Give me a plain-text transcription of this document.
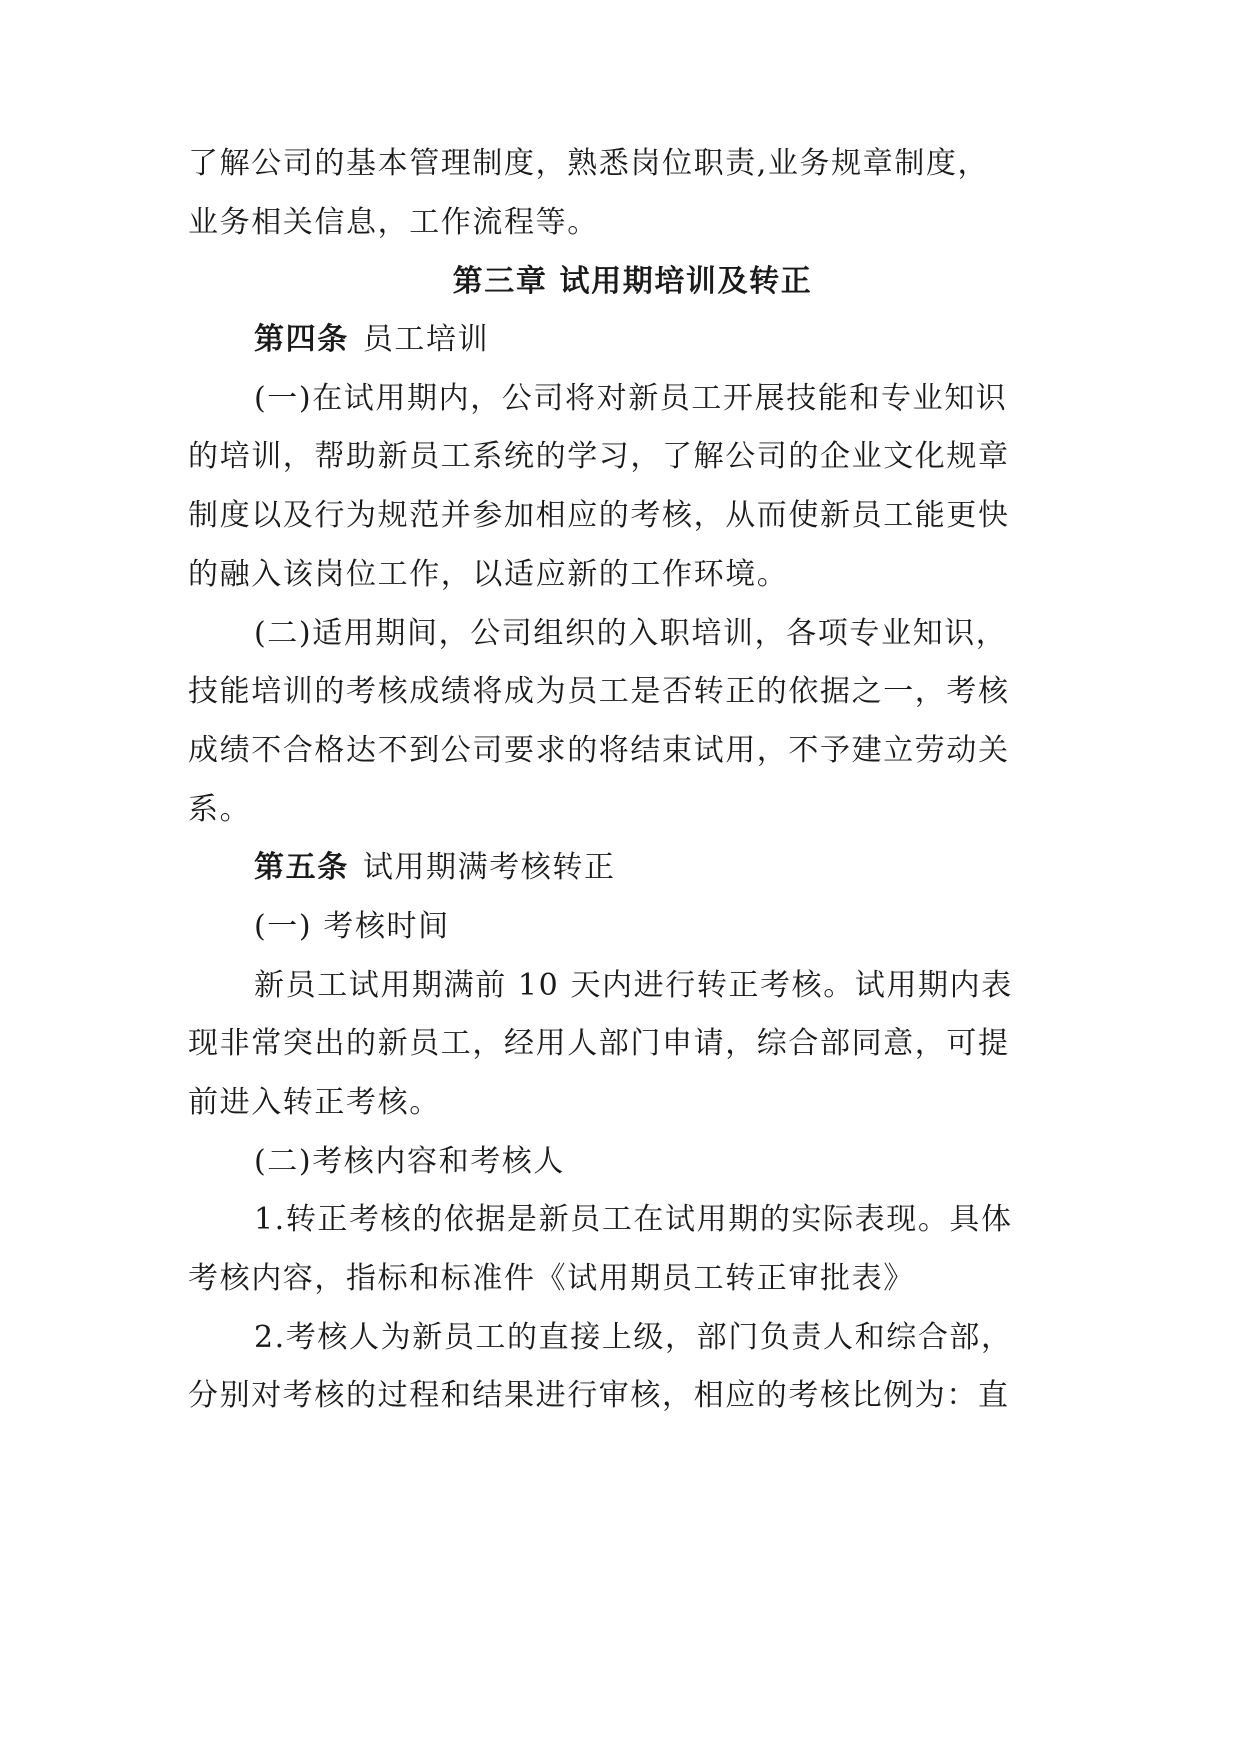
了解公司的基本管理制度，熟悉岗位职责,业务规章制度，
业务相关信息，工作流程等。
第三章 试用期培训及转正
第四条 员工培训
(一)在试用期内，公司将对新员工开展技能和专业知识
的培训，帮助新员工系统的学习，了解公司的企业文化规章
制度以及行为规范并参加相应的考核，从而使新员工能更快
的融入该岗位工作，以适应新的工作环境。
(二)适用期间，公司组织的入职培训，各项专业知识，
技能培训的考核成绩将成为员工是否转正的依据之一，考核
成绩不合格达不到公司要求的将结束试用，不予建立劳动关
系。
第五条 试用期满考核转正
(一) 考核时间
新员工试用期满前 10 天内进行转正考核。试用期内表
现非常突出的新员工，经用人部门申请，综合部同意，可提
前进入转正考核。
(二)考核内容和考核人
1.转正考核的依据是新员工在试用期的实际表现。具体
考核内容，指标和标准件《试用期员工转正审批表》
2.考核人为新员工的直接上级，部门负责人和综合部，
分别对考核的过程和结果进行审核，相应的考核比例为：直
